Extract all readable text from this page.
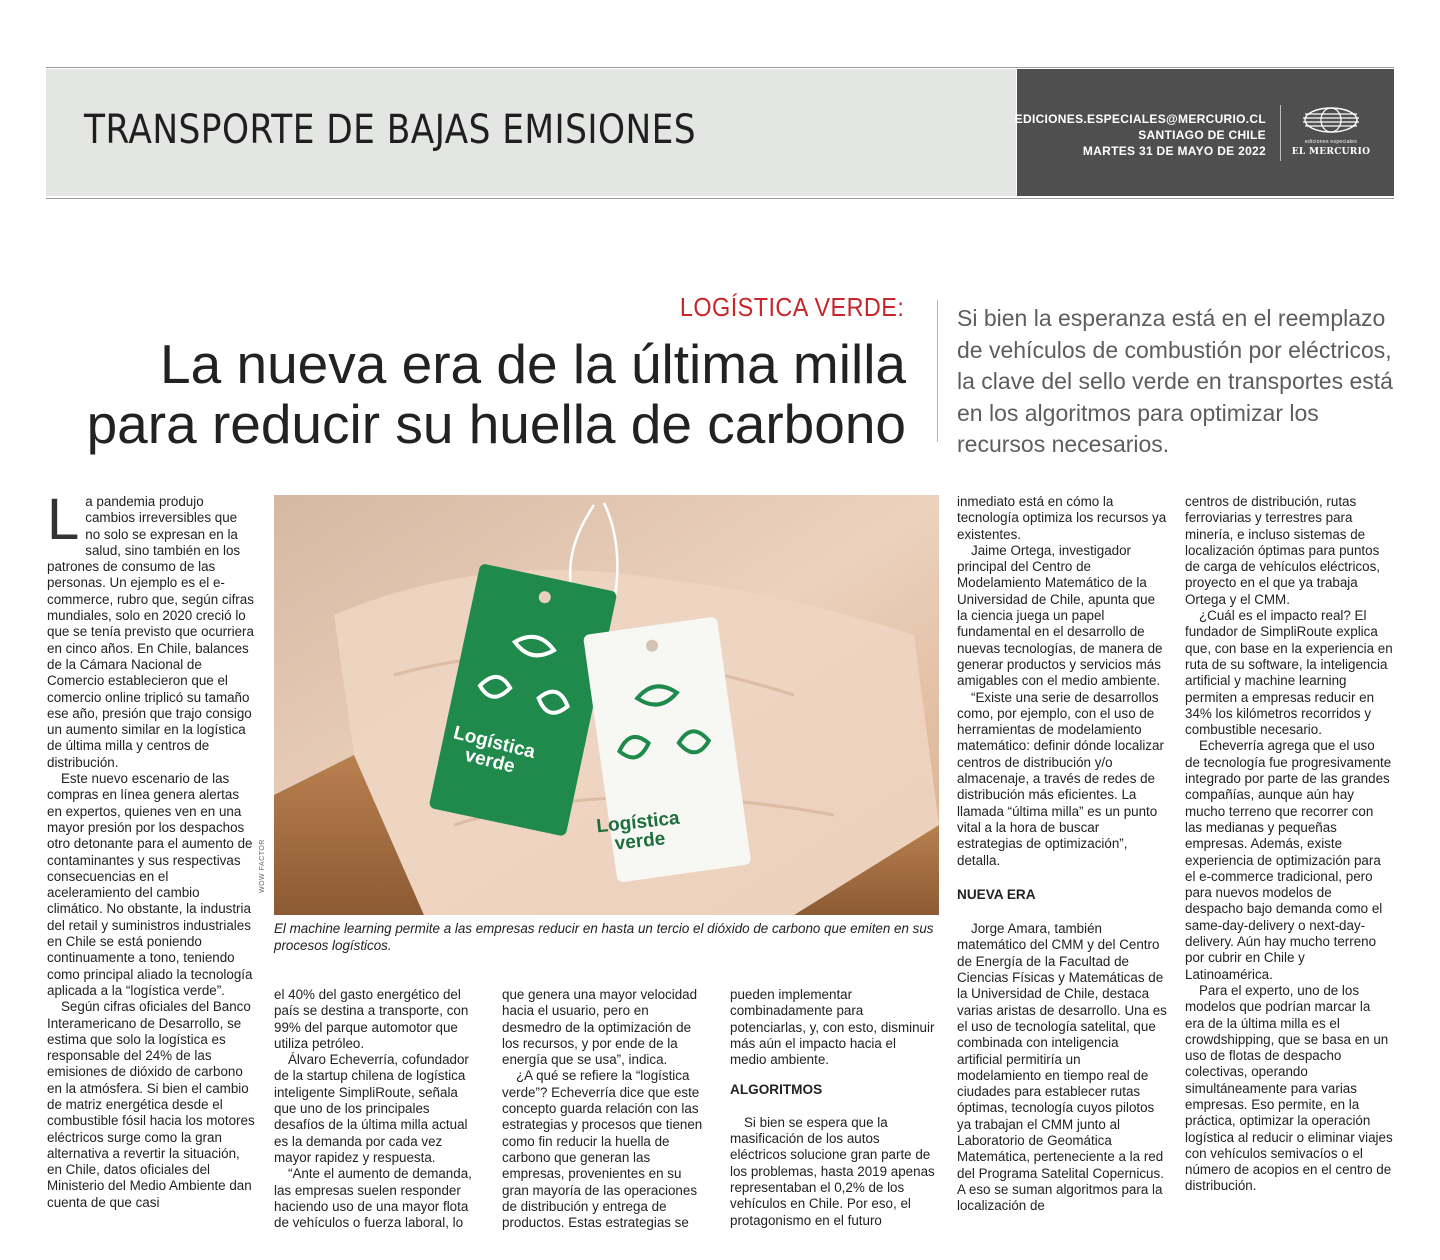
TRANSPORTE DE BAJAS EMISIONES	EDICIONES.ESPECIALES@MERCURIO.CL
SANTIAGO DE CHILE
MARTES 31 DE MAYO DE 2022
ediciones especiales
EL MERCURIO
LOGÍSTICA VERDE:
La nueva era de la última milla
para reducir su huella de carbono
Si bien la esperanza está en el reemplazo de vehículos de combustión por eléctricos, la clave del sello verde en transportes está en los algoritmos para optimizar los recursos necesarios.

La pandemia produjo cambios irreversibles que no solo se expresan en la salud, sino también en los patrones de consumo de las personas. Un ejemplo es el e-commerce, rubro que, según cifras mundiales, solo en 2020 creció lo que se tenía previsto que ocurriera en cinco años. En Chile, balances de la Cámara Nacional de Comercio establecieron que el comercio online triplicó su tamaño ese año, presión que trajo consigo un aumento similar en la logística de última milla y centros de distribución.

Este nuevo escenario de las compras en línea genera alertas en expertos, quienes ven en una mayor presión por los despachos otro detonante para el aumento de contaminantes y sus respectivas consecuencias en el aceleramiento del cambio climático. No obstante, la industria del retail y suministros industriales en Chile se está poniendo continuamente a tono, teniendo como principal aliado la tecnología aplicada a la “logística verde”.

Según cifras oficiales del Banco Interamericano de Desarrollo, se estima que solo la logística es responsable del 24% de las emisiones de dióxido de carbono en la atmósfera. Si bien el cambio de matriz energética desde el combustible fósil hacia los motores eléctricos surge como la gran alternativa a revertir la situación, en Chile, datos oficiales del Ministerio del Medio Ambiente dan cuenta de que casi

Logística verde
Logística verde
WOW FACTOR
El machine learning permite a las empresas reducir en hasta un tercio el dióxido de carbono que emiten en sus procesos logísticos.

el 40% del gasto energético del país se destina a transporte, con 99% del parque automotor que utiliza petróleo.

Álvaro Echeverría, cofundador de la startup chilena de logística inteligente SimpliRoute, señala que uno de los principales desafíos de la última milla actual es la demanda por cada vez mayor rapidez y respuesta.

“Ante el aumento de demanda, las empresas suelen responder haciendo uso de una mayor flota de vehículos o fuerza laboral, lo

que genera una mayor velocidad hacia el usuario, pero en desmedro de la optimización de los recursos, y por ende de la energía que se usa”, indica.

¿A qué se refiere la “logística verde”? Echeverría dice que este concepto guarda relación con las estrategias y procesos que tienen como fin reducir la huella de carbono que generan las empresas, provenientes en su gran mayoría de las operaciones de distribución y entrega de productos. Estas estrategias se

pueden implementar combinadamente para potenciarlas, y, con esto, disminuir más aún el impacto hacia el medio ambiente.

ALGORITMOS

Si bien se espera que la masificación de los autos eléctricos solucione gran parte de los problemas, hasta 2019 apenas representaban el 0,2% de los vehículos en Chile. Por eso, el protagonismo en el futuro

inmediato está en cómo la tecnología optimiza los recursos ya existentes.

Jaime Ortega, investigador principal del Centro de Modelamiento Matemático de la Universidad de Chile, apunta que la ciencia juega un papel fundamental en el desarrollo de nuevas tecnologías, de manera de generar productos y servicios más amigables con el medio ambiente.

“Existe una serie de desarrollos como, por ejemplo, con el uso de herramientas de modelamiento matemático: definir dónde localizar centros de distribución y/o almacenaje, a través de redes de distribución más eficientes. La llamada “última milla” es un punto vital a la hora de buscar estrategias de optimización”, detalla.

NUEVA ERA

Jorge Amara, también matemático del CMM y del Centro de Energía de la Facultad de Ciencias Físicas y Matemáticas de la Universidad de Chile, destaca varias aristas de desarrollo. Una es el uso de tecnología satelital, que combinada con inteligencia artificial permitiría un modelamiento en tiempo real de ciudades para establecer rutas óptimas, tecnología cuyos pilotos ya trabajan el CMM junto al Laboratorio de Geomática Matemática, perteneciente a la red del Programa Satelital Copernicus. A eso se suman algoritmos para la localización de

centros de distribución, rutas ferroviarias y terrestres para minería, e incluso sistemas de localización óptimas para puntos de carga de vehículos eléctricos, proyecto en el que ya trabaja Ortega y el CMM.

¿Cuál es el impacto real? El fundador de SimpliRoute explica que, con base en la experiencia en ruta de su software, la inteligencia artificial y machine learning permiten a empresas reducir en 34% los kilómetros recorridos y combustible necesario.

Echeverría agrega que el uso de tecnología fue progresivamente integrado por parte de las grandes compañías, aunque aún hay mucho terreno que recorrer con las medianas y pequeñas empresas. Además, existe experiencia de optimización para el e-commerce tradicional, pero para nuevos modelos de despacho bajo demanda como el same-day-delivery o next-day-delivery. Aún hay mucho terreno por cubrir en Chile y Latinoamérica.

Para el experto, uno de los modelos que podrían marcar la era de la última milla es el crowdshipping, que se basa en un uso de flotas de despacho colectivas, operando simultáneamente para varias empresas. Eso permite, en la práctica, optimizar la operación logística al reducir o eliminar viajes con vehículos semivacíos o el número de acopios en el centro de distribución.
